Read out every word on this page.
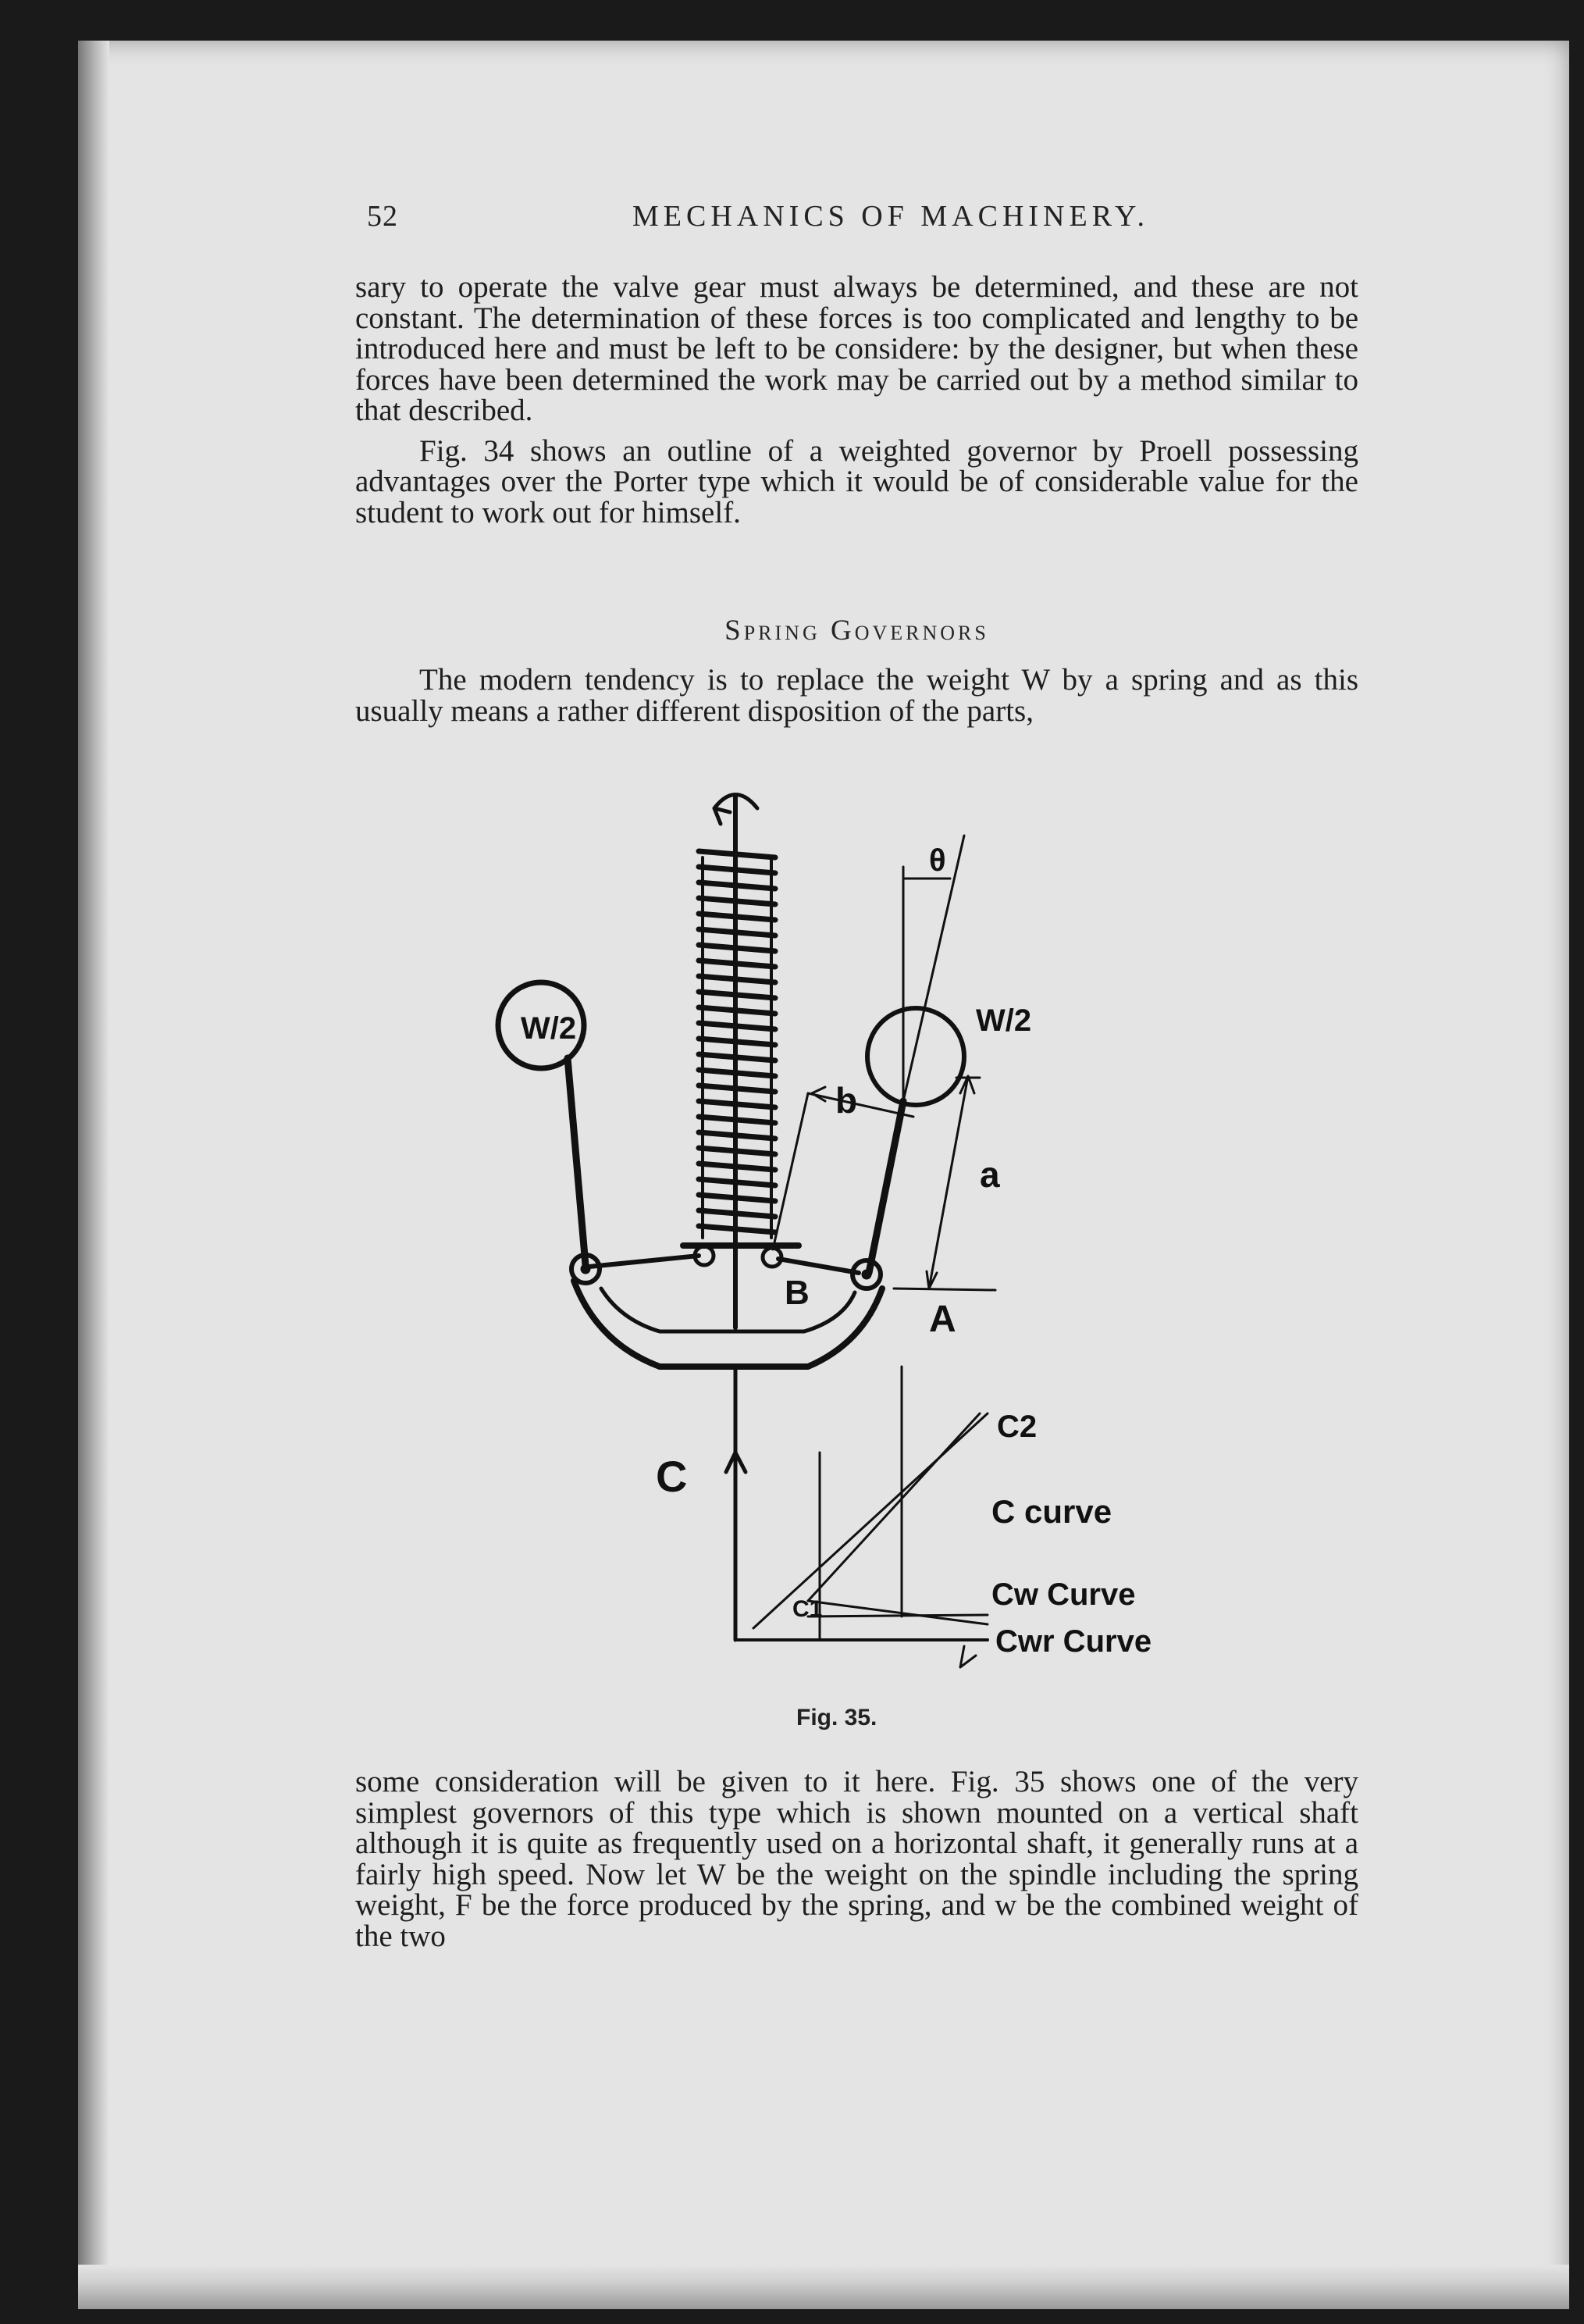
52	MECHANICS OF MACHINERY.

sary to operate the valve gear must always be determined, and these are not constant. The determination of these forces is too complicated and lengthy to be introduced here and must be left to be considere: by the designer, but when these forces have been determined the work may be carried out by a method similar to that described.

Fig. 34 shows an outline of a weighted governor by Proell possessing advantages over the Porter type which it would be of considerable value for the student to work out for himself.

Spring Governors

The modern tendency is to replace the weight W by a spring and as this usually means a rather different disposition of the parts,

W/2	W/2
θ
b
a
B
A
C
C1
C2
C curve
Cw Curve
Cwr Curve
Fig. 35.

some consideration will be given to it here. Fig. 35 shows one of the very simplest governors of this type which is shown mounted on a vertical shaft although it is quite as frequently used on a horizontal shaft, it generally runs at a fairly high speed. Now let W be the weight on the spindle including the spring weight, F be the force produced by the spring, and w be the combined weight of the two
